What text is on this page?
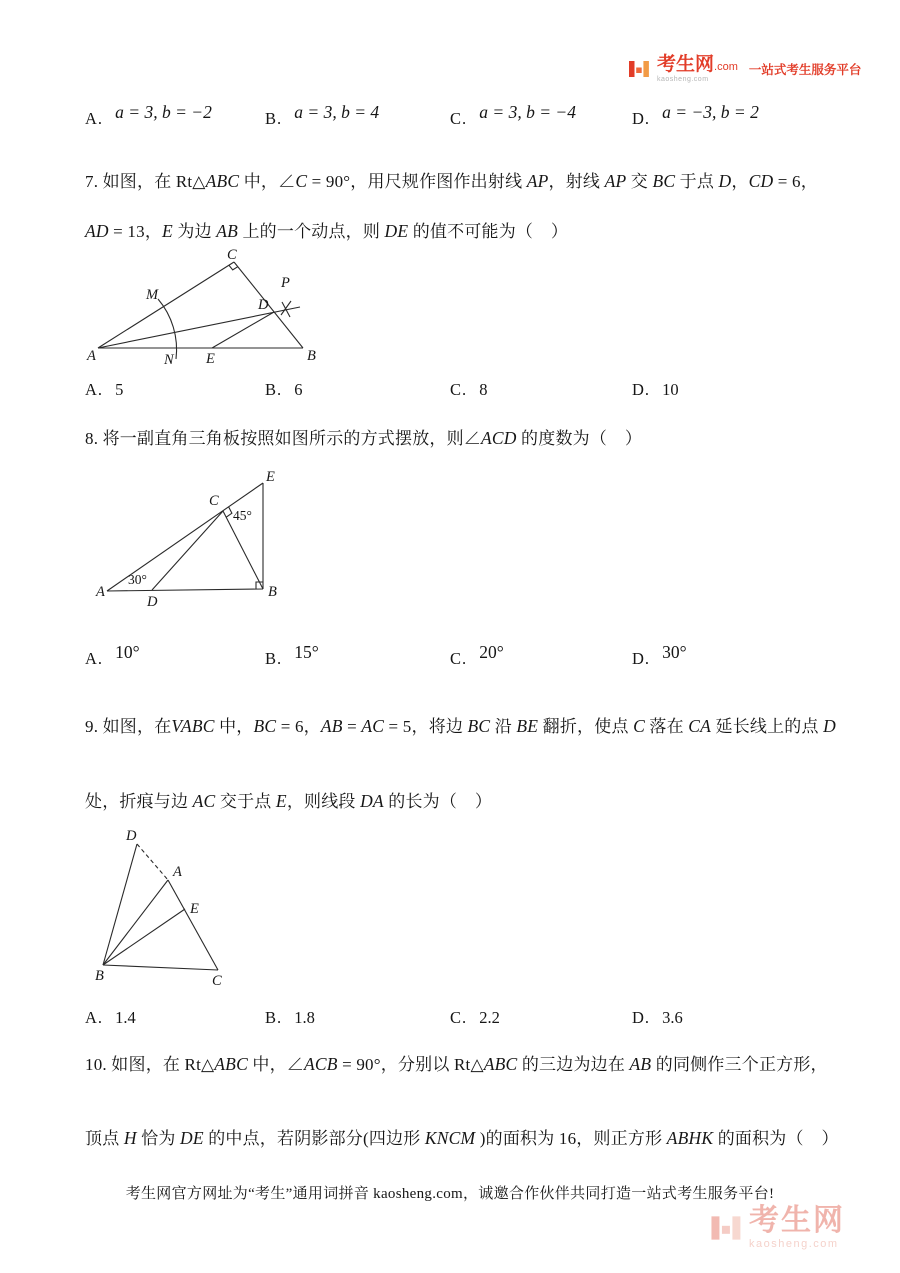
考生网.com
kaosheng.com
一站式考生服务平台
A. a = 3, b = −2	B. a = 3, b = 4	C. a = 3, b = −4	D. a = −3, b = 2
7. 如图，在 Rt△ABC 中，∠C = 90°，用尺规作图作出射线 AP，射线 AP 交 BC 于点 D，CD = 6，
AD = 13，E 为边 AB 上的一个动点，则 DE 的值不可能为（    ）
A	B
C
D
E
M
N
P
A. 5	B. 6	C. 8	D. 10
8. 将一副直角三角板按照如图所示的方式摆放，则∠ACD 的度数为（    ）
A
D
B
E
C
45°
30°
A. 10°	B. 15°	C. 20°	D. 30°
9. 如图，在VABC 中，BC = 6，AB = AC = 5，将边 BC 沿 BE 翻折，使点 C 落在 CA 延长线上的点 D
处，折痕与边 AC 交于点 E，则线段 DA 的长为（    ）
D
A
E
B	C
A. 1.4	B. 1.8	C. 2.2	D. 3.6
10. 如图，在 Rt△ABC 中，∠ACB = 90°，分别以 Rt△ABC 的三边为边在 AB 的同侧作三个正方形，
顶点 H 恰为 DE 的中点，若阴影部分(四边形 KNCM )的面积为 16，则正方形 ABHK 的面积为（    ）
考生网官方网址为“考生”通用词拼音 kaosheng.com，诚邀合作伙伴共同打造一站式考生服务平台!
考生网
kaosheng.com
